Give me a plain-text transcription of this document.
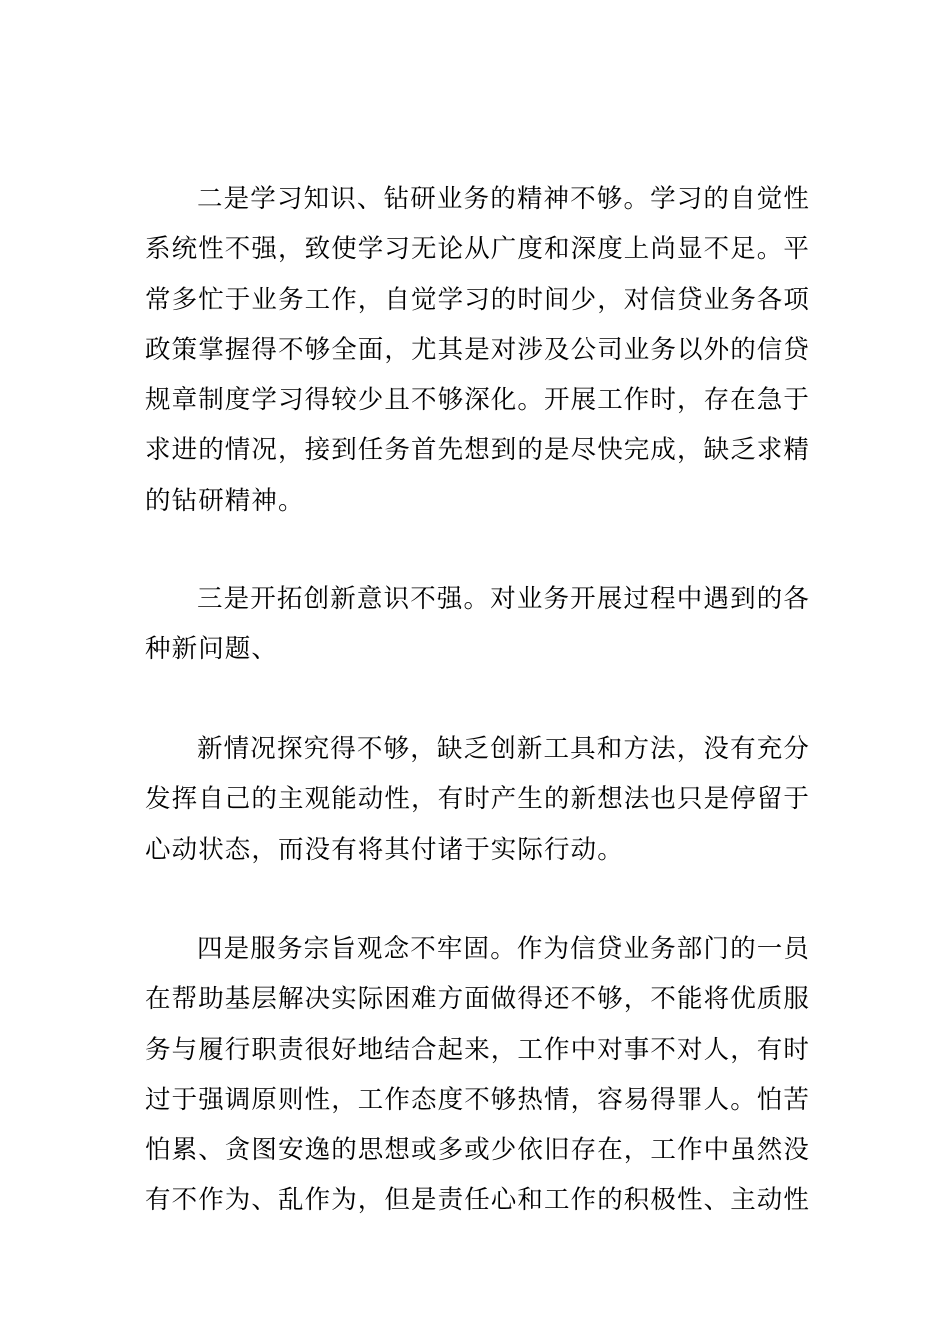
二是学习知识、钻研业务的精神不够。学习的自觉性系统性不强，致使学习无论从广度和深度上尚显不足。平常多忙于业务工作，自觉学习的时间少，对信贷业务各项政策掌握得不够全面，尤其是对涉及公司业务以外的信贷规章制度学习得较少且不够深化。开展工作时，存在急于求进的情况，接到任务首先想到的是尽快完成，缺乏求精的钻研精神。

三是开拓创新意识不强。对业务开展过程中遇到的各种新问题、

新情况探究得不够，缺乏创新工具和方法，没有充分发挥自己的主观能动性，有时产生的新想法也只是停留于心动状态，而没有将其付诸于实际行动。

四是服务宗旨观念不牢固。作为信贷业务部门的一员在帮助基层解决实际困难方面做得还不够，不能将优质服务与履行职责很好地结合起来，工作中对事不对人，有时过于强调原则性，工作态度不够热情，容易得罪人。怕苦怕累、贪图安逸的思想或多或少依旧存在，工作中虽然没有不作为、乱作为，但是责任心和工作的积极性、主动性
